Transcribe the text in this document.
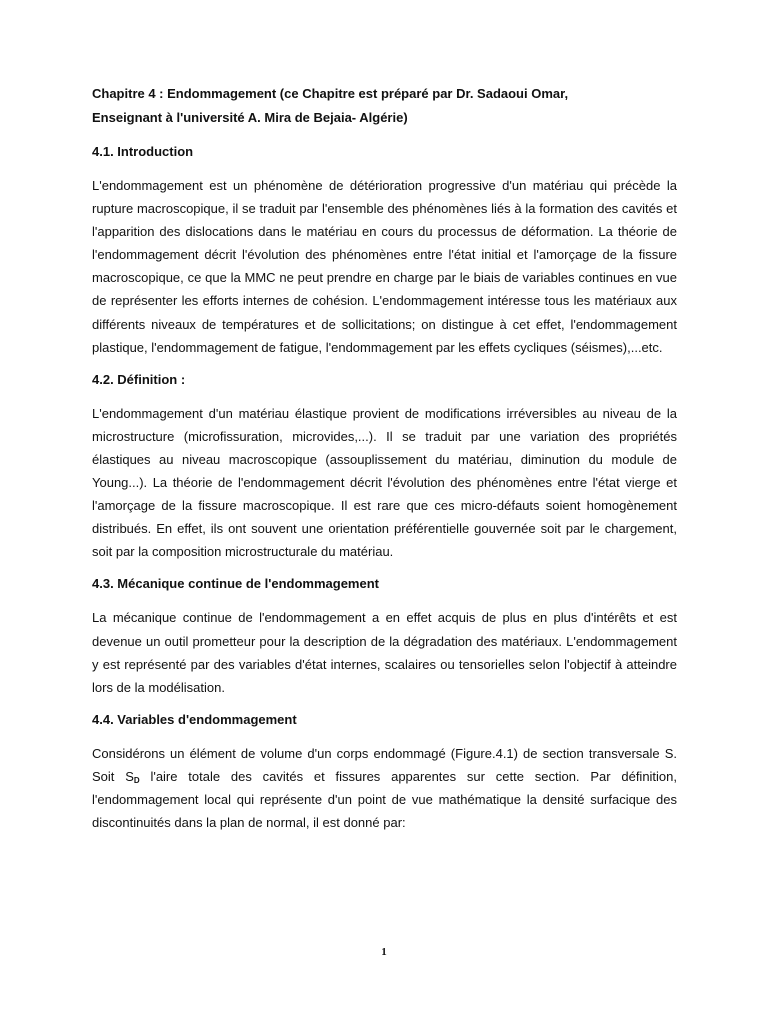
Chapitre 4 : Endommagement (ce Chapitre est préparé par Dr. Sadaoui Omar,
Enseignant à l'université A. Mira de Bejaia- Algérie)
4.1. Introduction

L'endommagement est un phénomène de détérioration progressive d'un matériau qui précède la rupture macroscopique, il se traduit par l'ensemble des phénomènes liés à la formation des cavités et l'apparition des dislocations dans le matériau en cours du processus de déformation. La théorie de l'endommagement décrit l'évolution des phénomènes entre l'état initial et l'amorçage de la fissure macroscopique, ce que la MMC ne peut prendre en charge par le biais de variables continues en vue de représenter les efforts internes de cohésion. L'endommagement intéresse tous les matériaux aux différents niveaux de températures et de sollicitations; on distingue à cet effet, l'endommagement plastique, l'endommagement de fatigue, l'endommagement par les effets cycliques (séismes),...etc.

4.2. Définition :

L'endommagement d'un matériau élastique provient de modifications irréversibles au niveau de la microstructure (microfissuration, microvides,...). Il se traduit par une variation des propriétés élastiques au niveau macroscopique (assouplissement du matériau, diminution du module de Young...). La théorie de l'endommagement décrit l'évolution des phénomènes entre l'état vierge et l'amorçage de la fissure macroscopique. Il est rare que ces micro-défauts soient homogènement distribués. En effet, ils ont souvent une orientation préférentielle gouvernée soit par le chargement, soit par la composition microstructurale du matériau.

4.3. Mécanique continue de l'endommagement

La mécanique continue de l'endommagement a en effet acquis de plus en plus d'intérêts et est devenue un outil prometteur pour la description de la dégradation des matériaux. L'endommagement y est représenté par des variables d'état internes, scalaires ou tensorielles selon l'objectif à atteindre lors de la modélisation.

4.4. Variables d'endommagement

Considérons un élément de volume d'un corps endommagé (Figure.4.1) de section transversale S. Soit $S_D$ l'aire totale des cavités et fissures apparentes sur cette section. Par définition, l'endommagement local qui représente d'un point de vue mathématique la densité surfacique des discontinuités dans la plan de normal, il est donné par:

1
